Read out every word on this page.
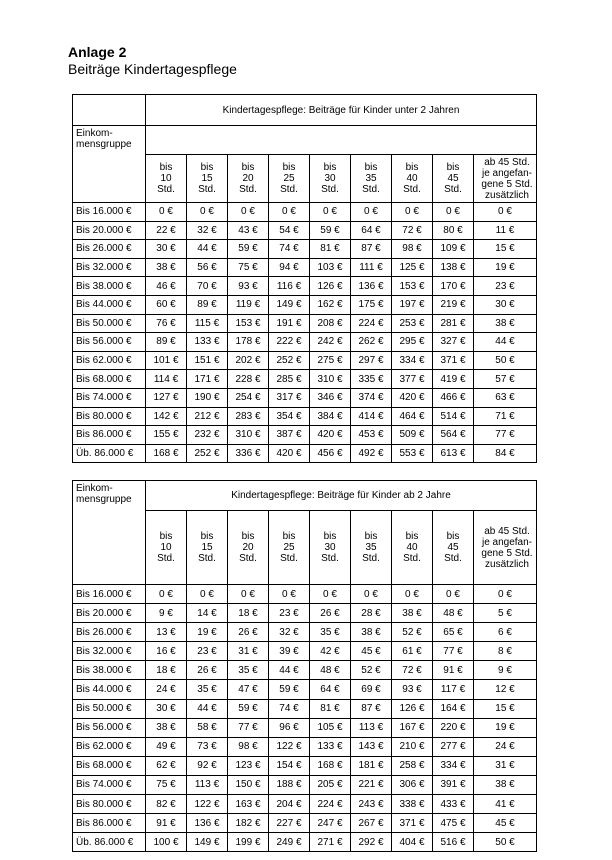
Anlage 2
Beiträge Kindertagespflege
	Kindertagespflege: Beiträge für Kinder unter 2 Jahren								

Einkom-
mensgruppe									

	bis
10
Std.	bis
15
Std.	bis
20
Std.	bis
25
Std.	bis
30
Std.	bis
35
Std.	bis
40
Std.	bis
45
Std.	ab 45 Std.
je angefan-
gene 5 Std.
zusätzlich

Bis 16.000 €	0 €	0 €	0 €	0 €	0 €	0 €	0 €	0 €	0 €
Bis 20.000 €	22 €	32 €	43 €	54 €	59 €	64 €	72 €	80 €	11 €
Bis 26.000 €	30 €	44 €	59 €	74 €	81 €	87 €	98 €	109 €	15 €
Bis 32.000 €	38 €	56 €	75 €	94 €	103 €	111 €	125 €	138 €	19 €
Bis 38.000 €	46 €	70 €	93 €	116 €	126 €	136 €	153 €	170 €	23 €
Bis 44.000 €	60 €	89 €	119 €	149 €	162 €	175 €	197 €	219 €	30 €
Bis 50.000 €	76 €	115 €	153 €	191 €	208 €	224 €	253 €	281 €	38 €
Bis 56.000 €	89 €	133 €	178 €	222 €	242 €	262 €	295 €	327 €	44 €
Bis 62.000 €	101 €	151 €	202 €	252 €	275 €	297 €	334 €	371 €	50 €
Bis 68.000 €	114 €	171 €	228 €	285 €	310 €	335 €	377 €	419 €	57 €
Bis 74.000 €	127 €	190 €	254 €	317 €	346 €	374 €	420 €	466 €	63 €
Bis 80.000 €	142 €	212 €	283 €	354 €	384 €	414 €	464 €	514 €	71 €
Bis 86.000 €	155 €	232 €	310 €	387 €	420 €	453 €	509 €	564 €	77 €
Üb. 86.000 €	168 €	252 €	336 €	420 €	456 €	492 €	553 €	613 €	84 €
Einkom-
mensgruppe	Kindertagespflege: Beiträge für Kinder ab 2 Jahre								

	bis
10
Std.	bis
15
Std.	bis
20
Std.	bis
25
Std.	bis
30
Std.	bis
35
Std.	bis
40
Std.	bis
45
Std.	ab 45 Std.
je angefan-
gene 5 Std.
zusätzlich

Bis 16.000 €	0 €	0 €	0 €	0 €	0 €	0 €	0 €	0 €	0 €
Bis 20.000 €	9 €	14 €	18 €	23 €	26 €	28 €	38 €	48 €	5 €
Bis 26.000 €	13 €	19 €	26 €	32 €	35 €	38 €	52 €	65 €	6 €
Bis 32.000 €	16 €	23 €	31 €	39 €	42 €	45 €	61 €	77 €	8 €
Bis 38.000 €	18 €	26 €	35 €	44 €	48 €	52 €	72 €	91 €	9 €
Bis 44.000 €	24 €	35 €	47 €	59 €	64 €	69 €	93 €	117 €	12 €
Bis 50.000 €	30 €	44 €	59 €	74 €	81 €	87 €	126 €	164 €	15 €
Bis 56.000 €	38 €	58 €	77 €	96 €	105 €	113 €	167 €	220 €	19 €
Bis 62.000 €	49 €	73 €	98 €	122 €	133 €	143 €	210 €	277 €	24 €
Bis 68.000 €	62 €	92 €	123 €	154 €	168 €	181 €	258 €	334 €	31 €
Bis 74.000 €	75 €	113 €	150 €	188 €	205 €	221 €	306 €	391 €	38 €
Bis 80.000 €	82 €	122 €	163 €	204 €	224 €	243 €	338 €	433 €	41 €
Bis 86.000 €	91 €	136 €	182 €	227 €	247 €	267 €	371 €	475 €	45 €
Üb. 86.000 €	100 €	149 €	199 €	249 €	271 €	292 €	404 €	516 €	50 €
